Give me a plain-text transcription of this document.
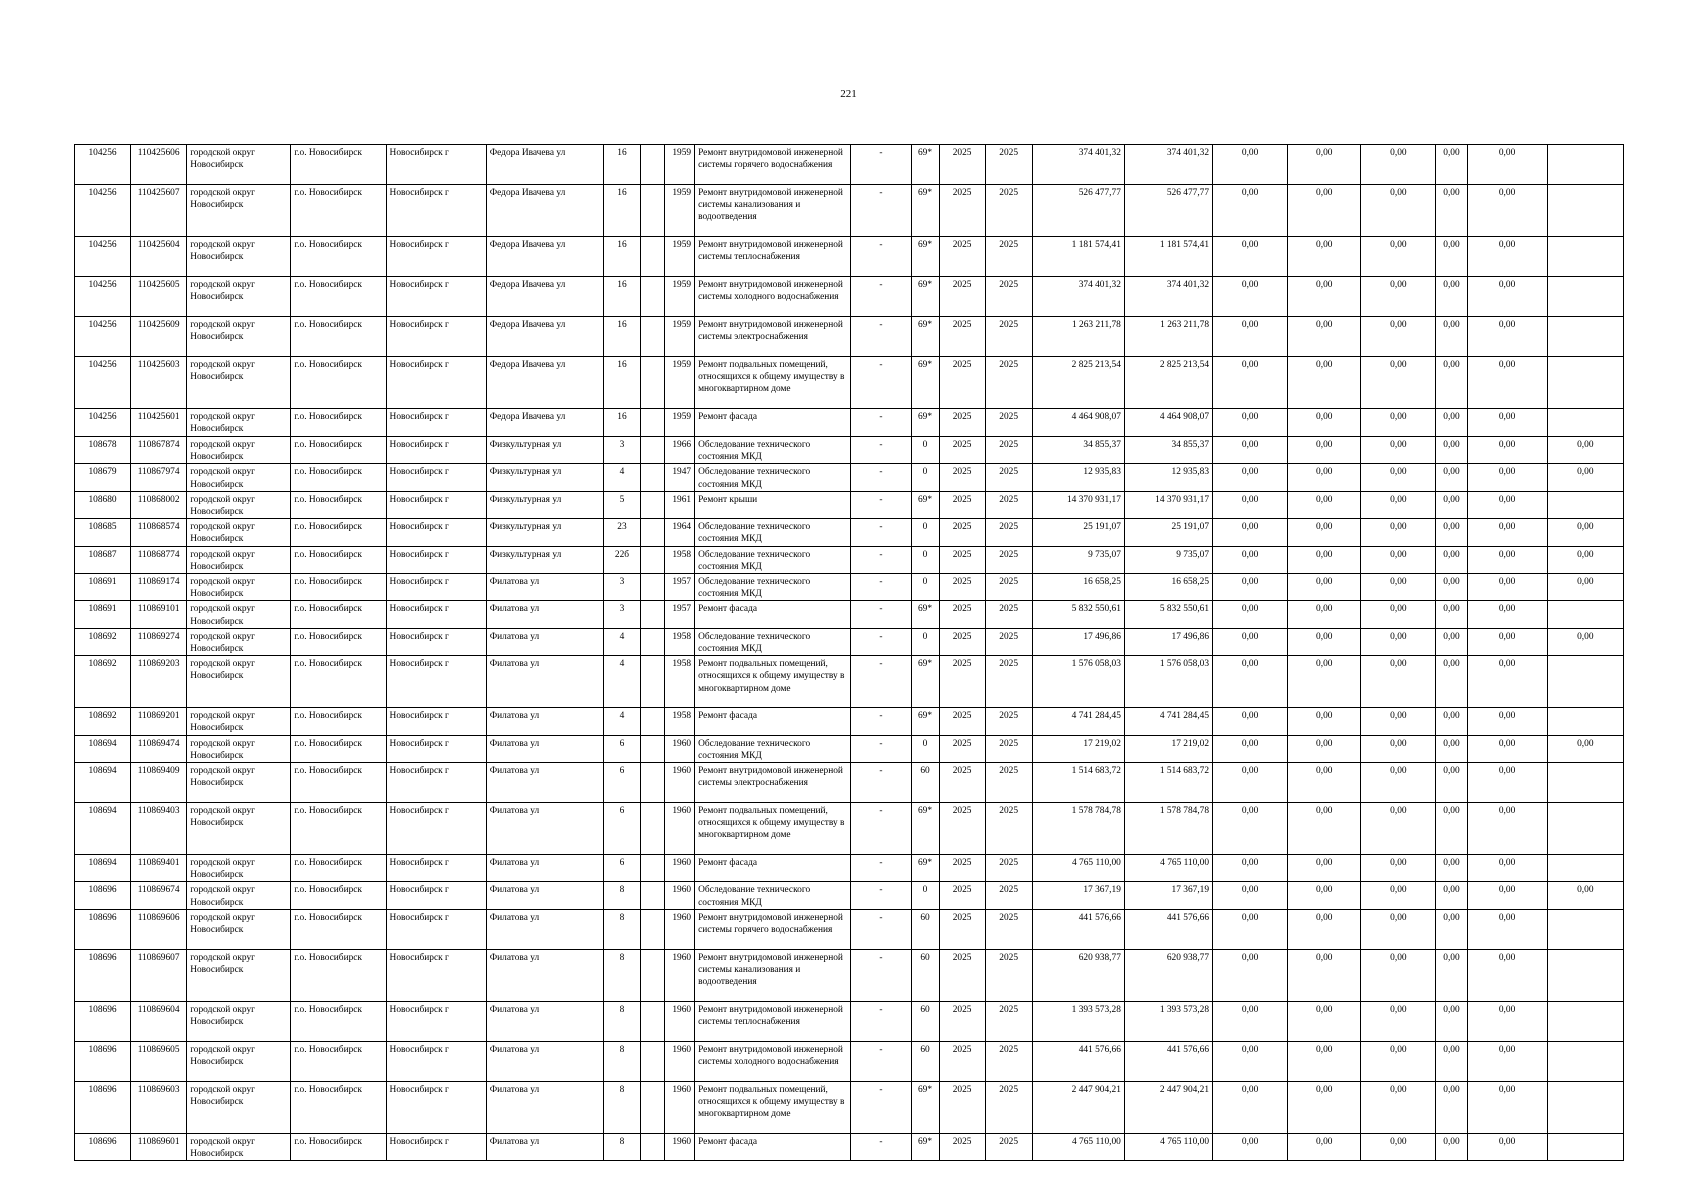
221
104256	110425606	городской округ Новосибирск	г.о. Новосибирск	Новосибирск г	Федора Ивачева ул	16		1959	Ремонт внутридомовой инженерной системы горячего водоснабжения	-	69*	2025	2025	374 401,32	374 401,32	0,00	0,00	0,00	0,00	0,00	
104256	110425607	городской округ Новосибирск	г.о. Новосибирск	Новосибирск г	Федора Ивачева ул	16		1959	Ремонт внутридомовой инженерной системы канализования и водоотведения	-	69*	2025	2025	526 477,77	526 477,77	0,00	0,00	0,00	0,00	0,00	
104256	110425604	городской округ Новосибирск	г.о. Новосибирск	Новосибирск г	Федора Ивачева ул	16		1959	Ремонт внутридомовой инженерной системы теплоснабжения	-	69*	2025	2025	1 181 574,41	1 181 574,41	0,00	0,00	0,00	0,00	0,00	
104256	110425605	городской округ Новосибирск	г.о. Новосибирск	Новосибирск г	Федора Ивачева ул	16		1959	Ремонт внутридомовой инженерной системы холодного водоснабжения	-	69*	2025	2025	374 401,32	374 401,32	0,00	0,00	0,00	0,00	0,00	
104256	110425609	городской округ Новосибирск	г.о. Новосибирск	Новосибирск г	Федора Ивачева ул	16		1959	Ремонт внутридомовой инженерной системы электроснабжения	-	69*	2025	2025	1 263 211,78	1 263 211,78	0,00	0,00	0,00	0,00	0,00	
104256	110425603	городской округ Новосибирск	г.о. Новосибирск	Новосибирск г	Федора Ивачева ул	16		1959	Ремонт подвальных помещений, относящихся к общему имуществу в многоквартирном доме	-	69*	2025	2025	2 825 213,54	2 825 213,54	0,00	0,00	0,00	0,00	0,00	
104256	110425601	городской округ Новосибирск	г.о. Новосибирск	Новосибирск г	Федора Ивачева ул	16		1959	Ремонт фасада	-	69*	2025	2025	4 464 908,07	4 464 908,07	0,00	0,00	0,00	0,00	0,00	
108678	110867874	городской округ Новосибирск	г.о. Новосибирск	Новосибирск г	Физкультурная ул	3		1966	Обследование технического состояния МКД	-	0	2025	2025	34 855,37	34 855,37	0,00	0,00	0,00	0,00	0,00	0,00
108679	110867974	городской округ Новосибирск	г.о. Новосибирск	Новосибирск г	Физкультурная ул	4		1947	Обследование технического состояния МКД	-	0	2025	2025	12 935,83	12 935,83	0,00	0,00	0,00	0,00	0,00	0,00
108680	110868002	городской округ Новосибирск	г.о. Новосибирск	Новосибирск г	Физкультурная ул	5		1961	Ремонт крыши	-	69*	2025	2025	14 370 931,17	14 370 931,17	0,00	0,00	0,00	0,00	0,00	
108685	110868574	городской округ Новосибирск	г.о. Новосибирск	Новосибирск г	Физкультурная ул	23		1964	Обследование технического состояния МКД	-	0	2025	2025	25 191,07	25 191,07	0,00	0,00	0,00	0,00	0,00	0,00
108687	110868774	городской округ Новосибирск	г.о. Новосибирск	Новосибирск г	Физкультурная ул	22б		1958	Обследование технического состояния МКД	-	0	2025	2025	9 735,07	9 735,07	0,00	0,00	0,00	0,00	0,00	0,00
108691	110869174	городской округ Новосибирск	г.о. Новосибирск	Новосибирск г	Филатова ул	3		1957	Обследование технического состояния МКД	-	0	2025	2025	16 658,25	16 658,25	0,00	0,00	0,00	0,00	0,00	0,00
108691	110869101	городской округ Новосибирск	г.о. Новосибирск	Новосибирск г	Филатова ул	3		1957	Ремонт фасада	-	69*	2025	2025	5 832 550,61	5 832 550,61	0,00	0,00	0,00	0,00	0,00	
108692	110869274	городской округ Новосибирск	г.о. Новосибирск	Новосибирск г	Филатова ул	4		1958	Обследование технического состояния МКД	-	0	2025	2025	17 496,86	17 496,86	0,00	0,00	0,00	0,00	0,00	0,00
108692	110869203	городской округ Новосибирск	г.о. Новосибирск	Новосибирск г	Филатова ул	4		1958	Ремонт подвальных помещений, относящихся к общему имуществу в многоквартирном доме	-	69*	2025	2025	1 576 058,03	1 576 058,03	0,00	0,00	0,00	0,00	0,00	
108692	110869201	городской округ Новосибирск	г.о. Новосибирск	Новосибирск г	Филатова ул	4		1958	Ремонт фасада	-	69*	2025	2025	4 741 284,45	4 741 284,45	0,00	0,00	0,00	0,00	0,00	
108694	110869474	городской округ Новосибирск	г.о. Новосибирск	Новосибирск г	Филатова ул	6		1960	Обследование технического состояния МКД	-	0	2025	2025	17 219,02	17 219,02	0,00	0,00	0,00	0,00	0,00	0,00
108694	110869409	городской округ Новосибирск	г.о. Новосибирск	Новосибирск г	Филатова ул	6		1960	Ремонт внутридомовой инженерной системы электроснабжения	-	60	2025	2025	1 514 683,72	1 514 683,72	0,00	0,00	0,00	0,00	0,00	
108694	110869403	городской округ Новосибирск	г.о. Новосибирск	Новосибирск г	Филатова ул	6		1960	Ремонт подвальных помещений, относящихся к общему имуществу в многоквартирном доме	-	69*	2025	2025	1 578 784,78	1 578 784,78	0,00	0,00	0,00	0,00	0,00	
108694	110869401	городской округ Новосибирск	г.о. Новосибирск	Новосибирск г	Филатова ул	6		1960	Ремонт фасада	-	69*	2025	2025	4 765 110,00	4 765 110,00	0,00	0,00	0,00	0,00	0,00	
108696	110869674	городской округ Новосибирск	г.о. Новосибирск	Новосибирск г	Филатова ул	8		1960	Обследование технического состояния МКД	-	0	2025	2025	17 367,19	17 367,19	0,00	0,00	0,00	0,00	0,00	0,00
108696	110869606	городской округ Новосибирск	г.о. Новосибирск	Новосибирск г	Филатова ул	8		1960	Ремонт внутридомовой инженерной системы горячего водоснабжения	-	60	2025	2025	441 576,66	441 576,66	0,00	0,00	0,00	0,00	0,00	
108696	110869607	городской округ Новосибирск	г.о. Новосибирск	Новосибирск г	Филатова ул	8		1960	Ремонт внутридомовой инженерной системы канализования и водоотведения	-	60	2025	2025	620 938,77	620 938,77	0,00	0,00	0,00	0,00	0,00	
108696	110869604	городской округ Новосибирск	г.о. Новосибирск	Новосибирск г	Филатова ул	8		1960	Ремонт внутридомовой инженерной системы теплоснабжения	-	60	2025	2025	1 393 573,28	1 393 573,28	0,00	0,00	0,00	0,00	0,00	
108696	110869605	городской округ Новосибирск	г.о. Новосибирск	Новосибирск г	Филатова ул	8		1960	Ремонт внутридомовой инженерной системы холодного водоснабжения	-	60	2025	2025	441 576,66	441 576,66	0,00	0,00	0,00	0,00	0,00	
108696	110869603	городской округ Новосибирск	г.о. Новосибирск	Новосибирск г	Филатова ул	8		1960	Ремонт подвальных помещений, относящихся к общему имуществу в многоквартирном доме	-	69*	2025	2025	2 447 904,21	2 447 904,21	0,00	0,00	0,00	0,00	0,00	
108696	110869601	городской округ Новосибирск	г.о. Новосибирск	Новосибирск г	Филатова ул	8		1960	Ремонт фасада	-	69*	2025	2025	4 765 110,00	4 765 110,00	0,00	0,00	0,00	0,00	0,00	
